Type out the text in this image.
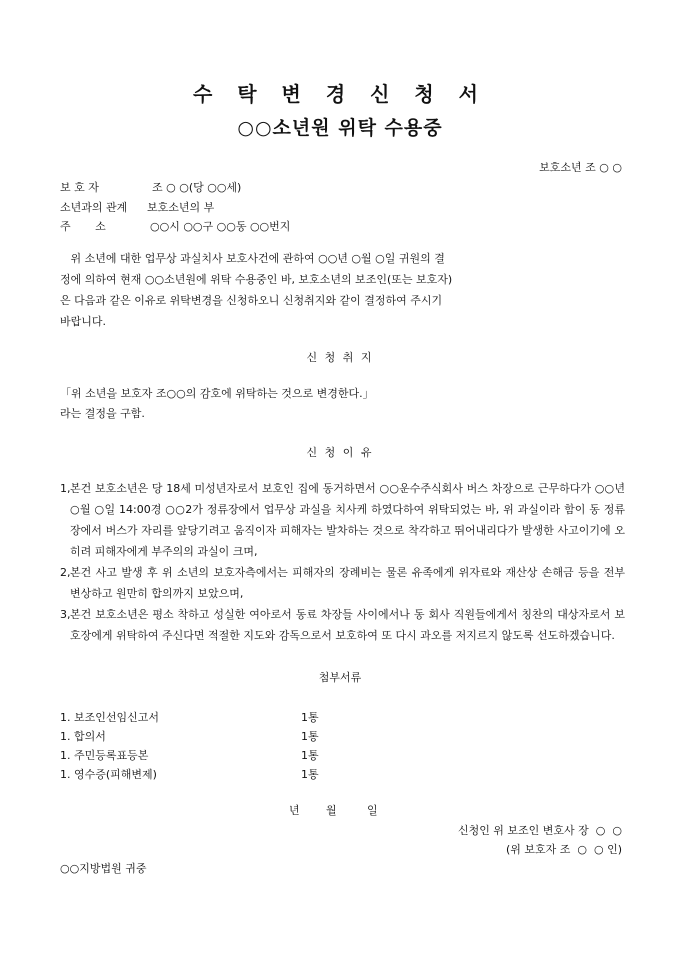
수 탁 변 경 신 청 서
○○소년원 위탁 수용중
보호소년 조 ○ ○
보 호 자	조 ○ ○(당 ○○세)
소년과의 관계 보호소년의 부
주       소	○○시 ○○구 ○○동 ○○번지
위 소년에 대한 업무상 과실치사 보호사건에 관하여 ○○년 ○월 ○일 귀원의 결
정에 의하여 현재 ○○소년원에 위탁 수용중인 바, 보호소년의 보조인(또는 보호자)
은 다음과 같은 이유로 위탁변경을 신청하오니 신청취지와 같이 결정하여 주시기
바랍니다.
신 청 취 지
「위 소년을 보호자 조○○의 감호에 위탁하는 것으로 변경한다.」
라는 결정을 구함.
신 청 이 유
1, 본건 보호소년은 당 18세 미성년자로서 보호인 집에 동거하면서 ○○운수주식회사 버스 차장으로 근무하다가 ○○년 ○월 ○일 14:00경 ○○2가 정류장에서 업무상 과실을 치사케 하였다하여 위탁되었는 바, 위 과실이라 함이 동 정류장에서 버스가 자리를 앞당기려고 움직이자 피해자는 발차하는 것으로 착각하고 뛰어내리다가 발생한 사고이기에 오히려 피해자에게 부주의의 과실이 크며,
2, 본건 사고 발생 후 위 소년의 보호자측에서는 피해자의 장례비는 물론 유족에게 위자료와 재산상 손해금 등을 전부 변상하고 원만히 합의까지 보았으며,
3, 본건 보호소년은 평소 착하고 성실한 여아로서 동료 차장들 사이에서나 동 회사 직원들에게서 칭찬의 대상자로서 보호장에게 위탁하여 주신다면 적절한 지도와 감독으로서 보호하여 또 다시 과오를 저지르지 않도록 선도하겠습니다.
첨부서류
1. 보조인선임신고서	1통
1. 합의서	1통
1. 주민등록표등본	1통
1. 영수증(피해변제)	1통
년 월	일
신청인 위 보조인 변호사 장  ○  ○
(위 보호자 조  ○  ○ 인)
○○지방법원 귀중
